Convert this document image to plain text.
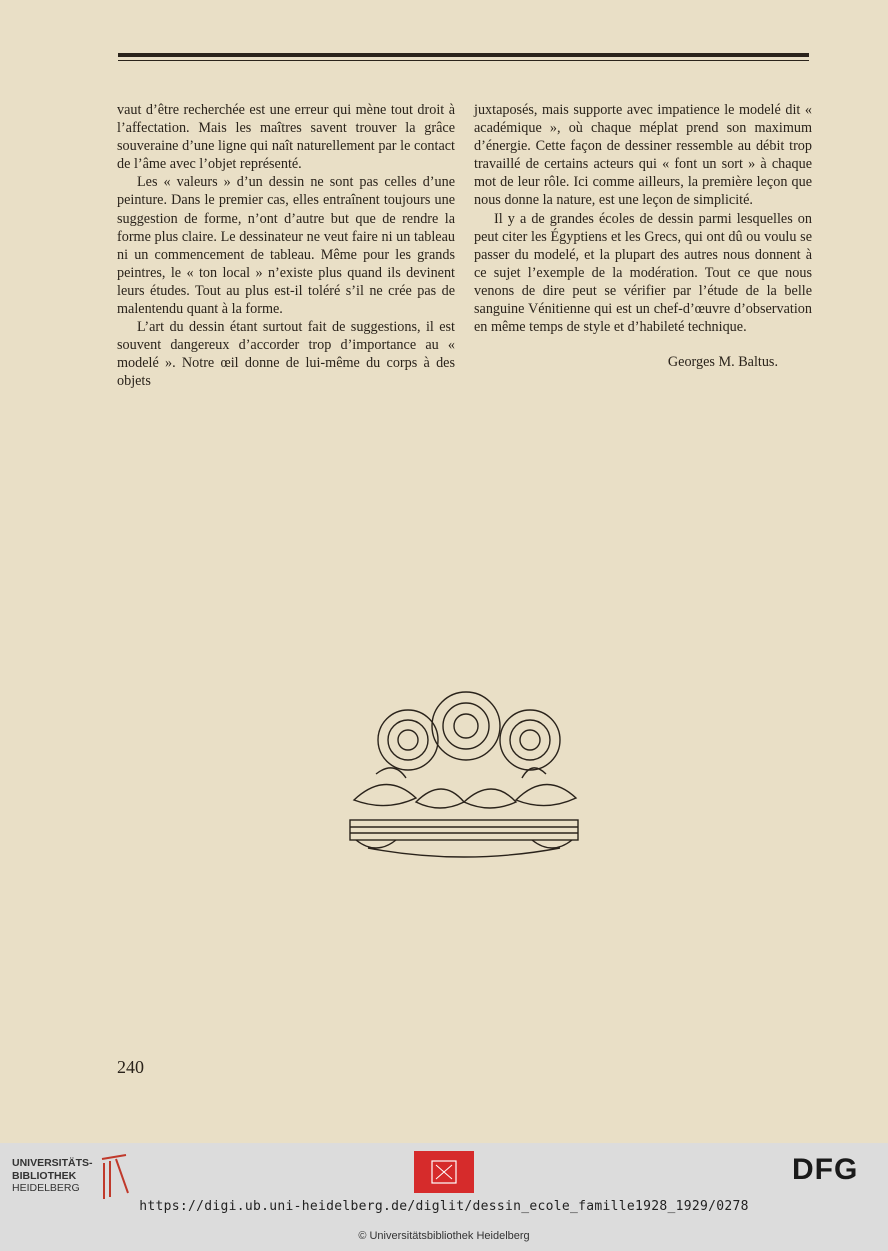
vaut d’être recherchée est une erreur qui mène tout droit à l’affectation. Mais les maîtres savent trouver la grâce souveraine d’une ligne qui naît naturellement par le contact de l’âme avec l’objet représenté.

Les « valeurs » d’un dessin ne sont pas celles d’une peinture. Dans le premier cas, elles entraînent toujours une suggestion de forme, n’ont d’autre but que de rendre la forme plus claire. Le dessinateur ne veut faire ni un tableau ni un commencement de tableau. Même pour les grands peintres, le « ton local » n’existe plus quand ils devinent leurs études. Tout au plus est-il toléré s’il ne crée pas de malentendu quant à la forme.

L’art du dessin étant surtout fait de suggestions, il est souvent dangereux d’accorder trop d’importance au « modelé ». Notre œil donne de lui-même du corps à des objets

juxtaposés, mais supporte avec impatience le modelé dit « académique », où chaque méplat prend son maximum d’énergie. Cette façon de dessiner ressemble au débit trop travaillé de certains acteurs qui « font un sort » à chaque mot de leur rôle. Ici comme ailleurs, la première leçon que nous donne la nature, est une leçon de simplicité.

Il y a de grandes écoles de dessin parmi lesquelles on peut citer les Égyptiens et les Grecs, qui ont dû ou voulu se passer du modelé, et la plupart des autres nous donnent à ce sujet l’exemple de la modération. Tout ce que nous venons de dire peut se vérifier par l’étude de la belle sanguine Vénitienne qui est un chef-d’œuvre d’observation en même temps de style et d’habileté technique.

Georges M. Baltus.

240
UNIVERSITÄTS-
BIBLIOTHEK
HEIDELBERG
DFG
https://digi.ub.uni-heidelberg.de/diglit/dessin_ecole_famille1928_1929/0278
© Universitätsbibliothek Heidelberg
